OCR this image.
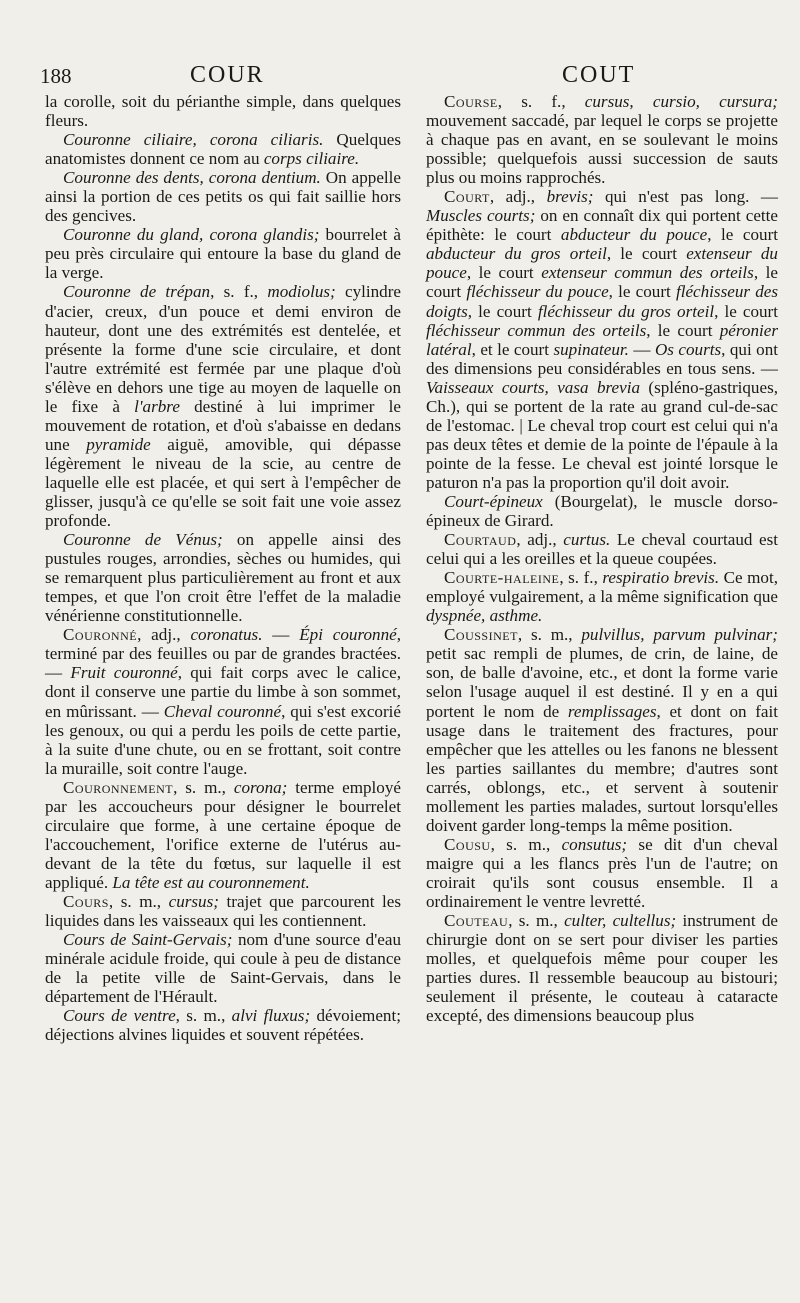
188	COUR	COUT

la corolle, soit du périanthe simple, dans quelques fleurs.

Couronne ciliaire, corona ciliaris. Quelques anatomistes donnent ce nom au corps ciliaire.

Couronne des dents, corona dentium. On appelle ainsi la portion de ces petits os qui fait saillie hors des gencives.

Couronne du gland, corona glandis; bourrelet à peu près circulaire qui entoure la base du gland de la verge.

Couronne de trépan, s. f., modiolus; cylindre d'acier, creux, d'un pouce et demi environ de hauteur, dont une des extrémités est dentelée, et présente la forme d'une scie circulaire, et dont l'autre extrémité est fermée par une plaque d'où s'élève en dehors une tige au moyen de laquelle on le fixe à l'arbre destiné à lui imprimer le mouvement de rotation, et d'où s'abaisse en dedans une pyramide aiguë, amovible, qui dépasse légèrement le niveau de la scie, au centre de laquelle elle est placée, et qui sert à l'empêcher de glisser, jusqu'à ce qu'elle se soit fait une voie assez profonde.

Couronne de Vénus; on appelle ainsi des pustules rouges, arrondies, sèches ou humides, qui se remarquent plus particulièrement au front et aux tempes, et que l'on croit être l'effet de la maladie vénérienne constitutionnelle.

Couronné, adj., coronatus. — Épi couronné, terminé par des feuilles ou par de grandes bractées. — Fruit couronné, qui fait corps avec le calice, dont il conserve une partie du limbe à son sommet, en mûrissant. — Cheval couronné, qui s'est excorié les genoux, ou qui a perdu les poils de cette partie, à la suite d'une chute, ou en se frottant, soit contre la muraille, soit contre l'auge.

Couronnement, s. m., corona; terme employé par les accoucheurs pour désigner le bourrelet circulaire que forme, à une certaine époque de l'accouchement, l'orifice externe de l'utérus au-devant de la tête du fœtus, sur laquelle il est appliqué. La tête est au couronnement.

Cours, s. m., cursus; trajet que parcourent les liquides dans les vaisseaux qui les contiennent.

Cours de Saint-Gervais; nom d'une source d'eau minérale acidule froide, qui coule à peu de distance de la petite ville de Saint-Gervais, dans le département de l'Hérault.

Cours de ventre, s. m., alvi fluxus; dévoiement; déjections alvines liquides et souvent répétées.

Course, s. f., cursus, cursio, cursura; mouvement saccadé, par lequel le corps se projette à chaque pas en avant, en se soulevant le moins possible; quelquefois aussi succession de sauts plus ou moins rapprochés.

Court, adj., brevis; qui n'est pas long. — Muscles courts; on en connaît dix qui portent cette épithète: le court abducteur du pouce, le court abducteur du gros orteil, le court extenseur du pouce, le court extenseur commun des orteils, le court fléchisseur du pouce, le court fléchisseur des doigts, le court fléchisseur du gros orteil, le court fléchisseur commun des orteils, le court péronier latéral, et le court supinateur. — Os courts, qui ont des dimensions peu considérables en tous sens. — Vaisseaux courts, vasa brevia (spléno-gastriques, Ch.), qui se portent de la rate au grand cul-de-sac de l'estomac. | Le cheval trop court est celui qui n'a pas deux têtes et demie de la pointe de l'épaule à la pointe de la fesse. Le cheval est jointé lorsque le paturon n'a pas la proportion qu'il doit avoir.

Court-épineux (Bourgelat), le muscle dorso-épineux de Girard.

Courtaud, adj., curtus. Le cheval courtaud est celui qui a les oreilles et la queue coupées.

Courte-haleine, s. f., respiratio brevis. Ce mot, employé vulgairement, a la même signification que dyspnée, asthme.

Coussinet, s. m., pulvillus, parvum pulvinar; petit sac rempli de plumes, de crin, de laine, de son, de balle d'avoine, etc., et dont la forme varie selon l'usage auquel il est destiné. Il y en a qui portent le nom de remplissages, et dont on fait usage dans le traitement des fractures, pour empêcher que les attelles ou les fanons ne blessent les parties saillantes du membre; d'autres sont carrés, oblongs, etc., et servent à soutenir mollement les parties malades, surtout lorsqu'elles doivent garder long-temps la même position.

Cousu, s. m., consutus; se dit d'un cheval maigre qui a les flancs près l'un de l'autre; on croirait qu'ils sont cousus ensemble. Il a ordinairement le ventre levretté.

Couteau, s. m., culter, cultellus; instrument de chirurgie dont on se sert pour diviser les parties molles, et quelquefois même pour couper les parties dures. Il ressemble beaucoup au bistouri; seulement il présente, le couteau à cataracte excepté, des dimensions beaucoup plus
